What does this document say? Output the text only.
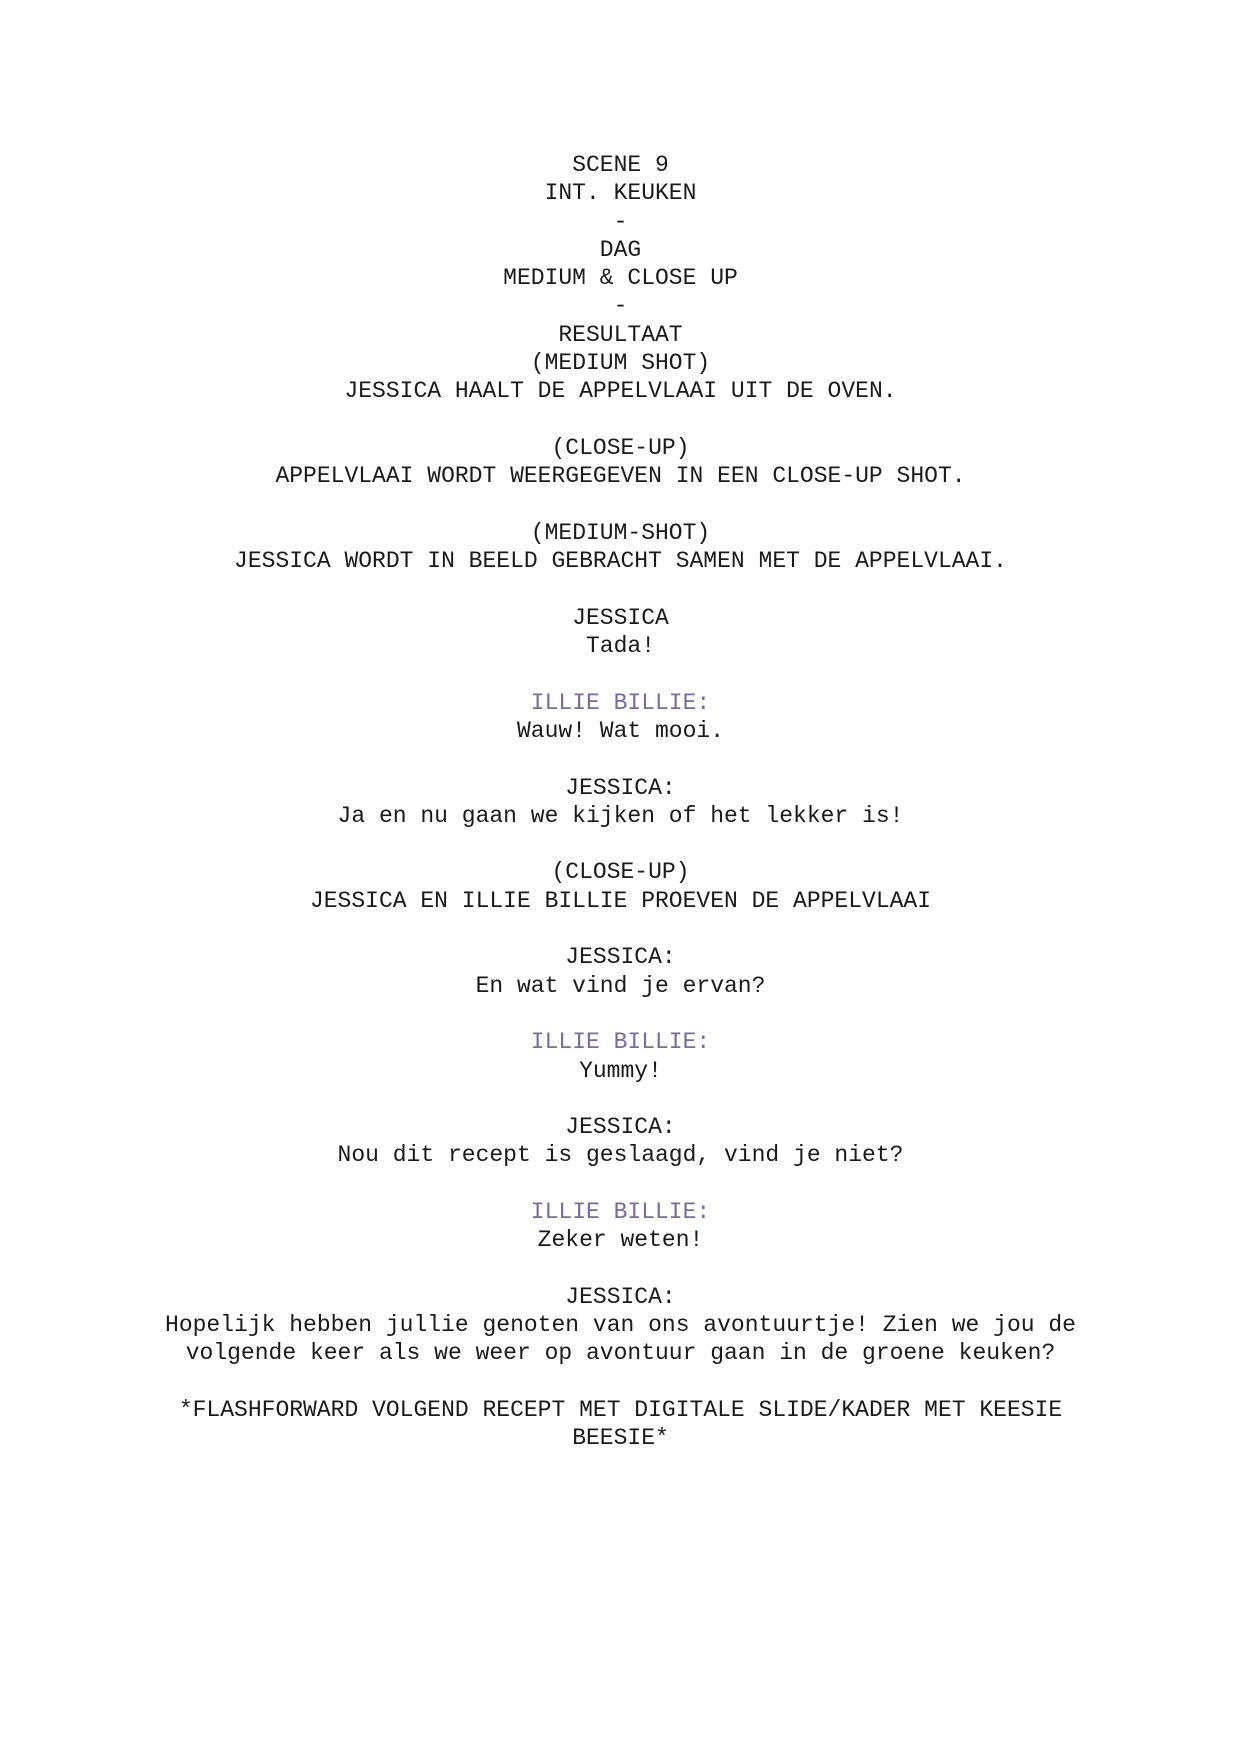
SCENE 9
INT. KEUKEN
-
DAG
MEDIUM & CLOSE UP
-
RESULTAAT
(MEDIUM SHOT)
JESSICA HAALT DE APPELVLAAI UIT DE OVEN.
(CLOSE-UP)
APPELVLAAI WORDT WEERGEGEVEN IN EEN CLOSE-UP SHOT.
(MEDIUM-SHOT)
JESSICA WORDT IN BEELD GEBRACHT SAMEN MET DE APPELVLAAI.
JESSICA
Tada!
ILLIE BILLIE:
Wauw! Wat mooi.
JESSICA:
Ja en nu gaan we kijken of het lekker is!
(CLOSE-UP)
JESSICA EN ILLIE BILLIE PROEVEN DE APPELVLAAI
JESSICA:
En wat vind je ervan?
ILLIE BILLIE:
Yummy!
JESSICA:
Nou dit recept is geslaagd, vind je niet?
ILLIE BILLIE:
Zeker weten!
JESSICA:
Hopelijk hebben jullie genoten van ons avontuurtje! Zien we jou de volgende keer als we weer op avontuur gaan in de groene keuken?
*FLASHFORWARD VOLGEND RECEPT MET DIGITALE SLIDE/KADER MET KEESIE BEESIE*
